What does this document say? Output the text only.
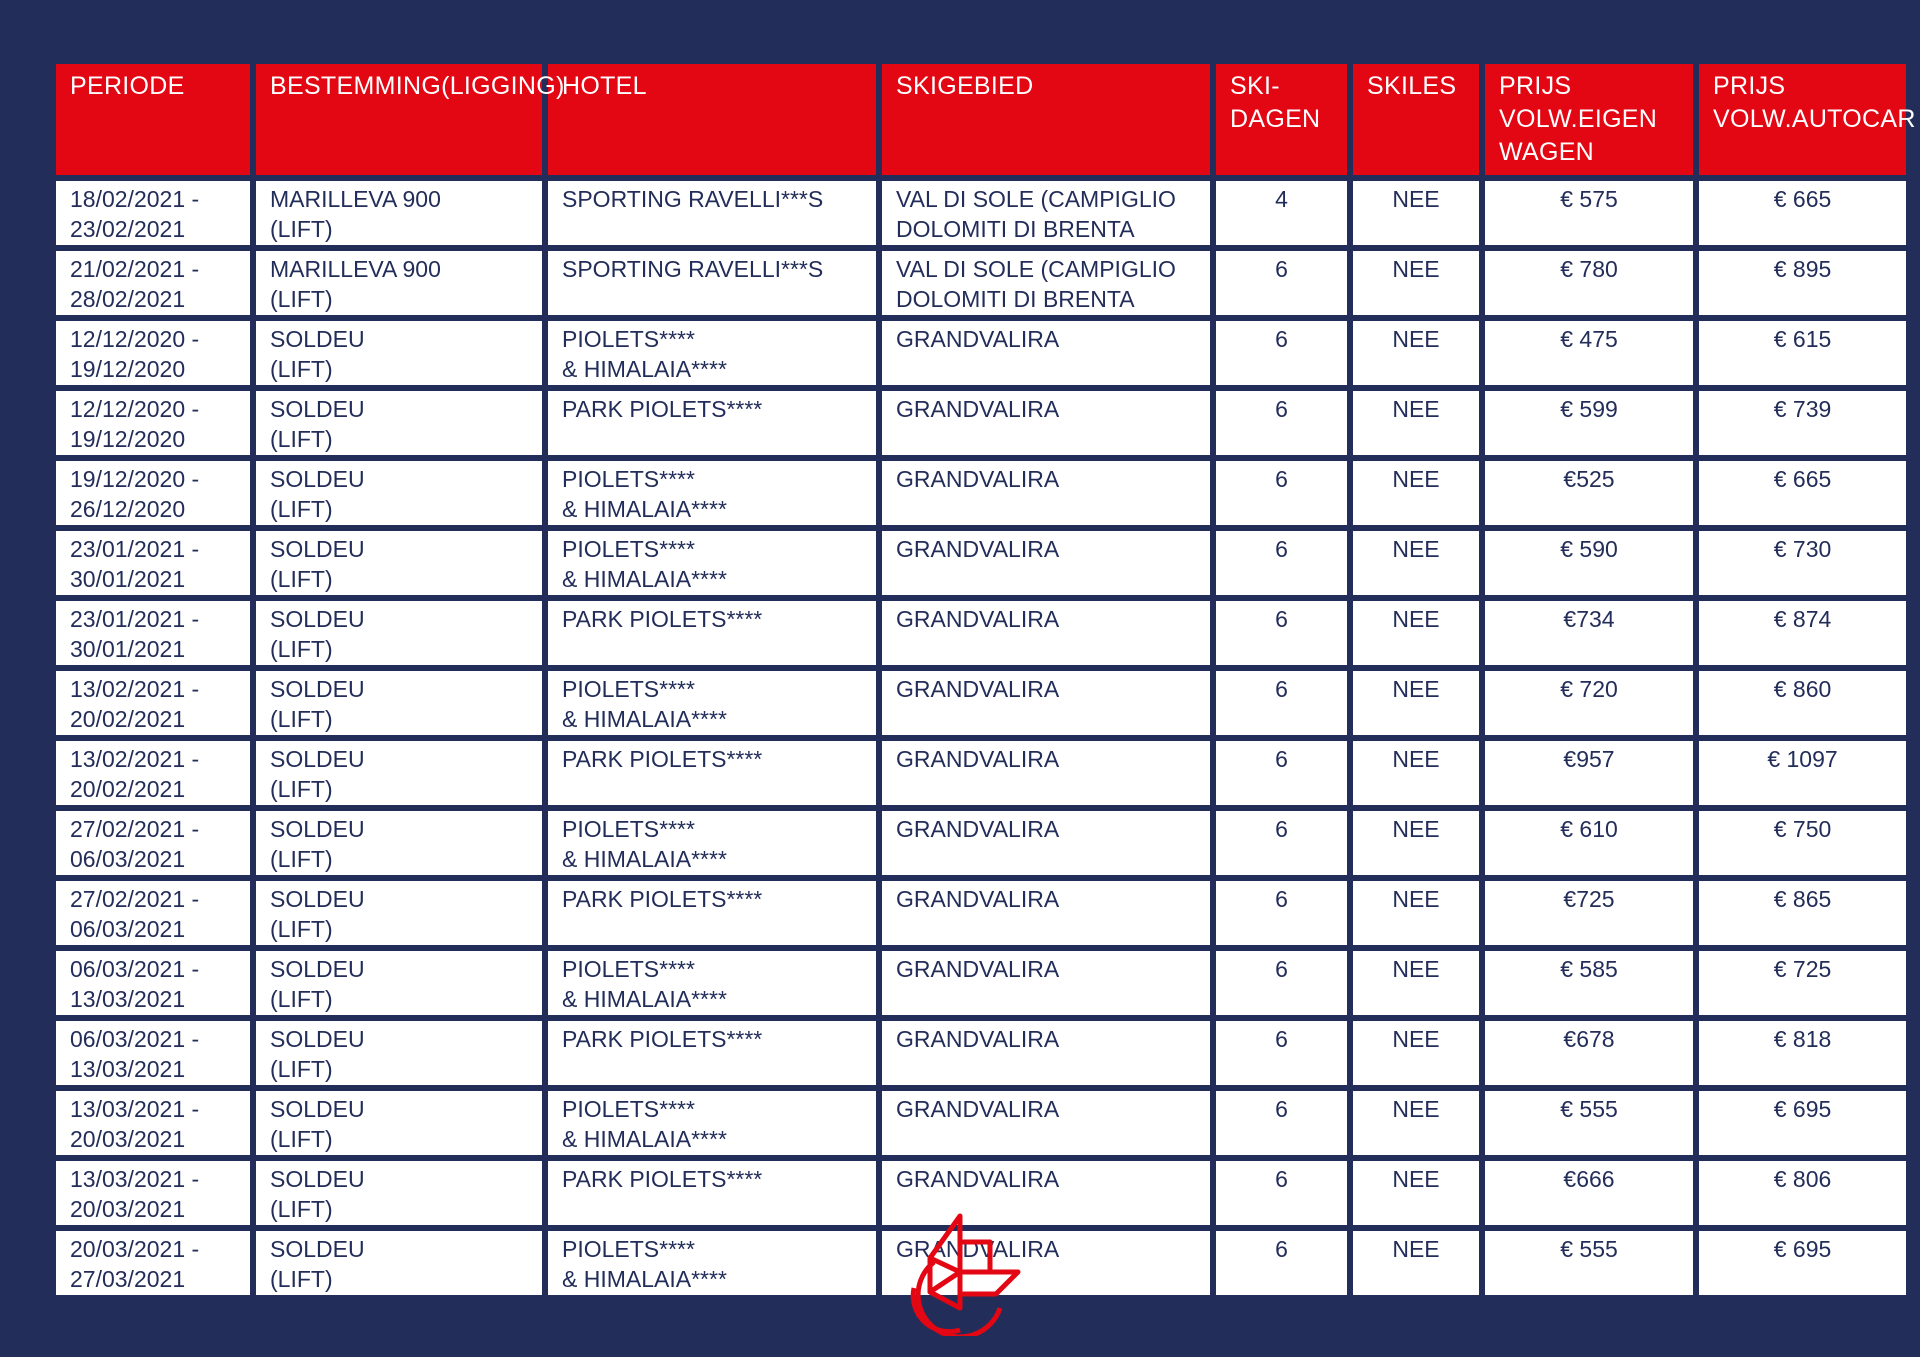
PERIODE	BESTEMMING(LIGGING)	HOTEL	SKIGEBIED	SKI-DAGEN	SKILES	PRIJS VOLW.EIGEN WAGEN	PRIJS VOLW.AUTOCAR

18/02/2021 -
23/02/2021	MARILLEVA 900
(LIFT)	SPORTING RAVELLI***S	VAL DI SOLE (CAMPIGLIO
DOLOMITI DI BRENTA	4	NEE	€ 575	€ 665

21/02/2021 -
28/02/2021	MARILLEVA 900
(LIFT)	SPORTING RAVELLI***S	VAL DI SOLE (CAMPIGLIO
DOLOMITI DI BRENTA	6	NEE	€ 780	€ 895

12/12/2020 -
19/12/2020	SOLDEU
(LIFT)	PIOLETS****
& HIMALAIA****	GRANDVALIRA	6	NEE	€ 475	€ 615

12/12/2020 -
19/12/2020	SOLDEU
(LIFT)	PARK PIOLETS****	GRANDVALIRA	6	NEE	€ 599	€ 739

19/12/2020 -
26/12/2020	SOLDEU
(LIFT)	PIOLETS****
& HIMALAIA****	GRANDVALIRA	6	NEE	€525	€ 665

23/01/2021 -
30/01/2021	SOLDEU
(LIFT)	PIOLETS****
& HIMALAIA****	GRANDVALIRA	6	NEE	€ 590	€ 730

23/01/2021 -
30/01/2021	SOLDEU
(LIFT)	PARK PIOLETS****	GRANDVALIRA	6	NEE	€734	€ 874

13/02/2021 -
20/02/2021	SOLDEU
(LIFT)	PIOLETS****
& HIMALAIA****	GRANDVALIRA	6	NEE	€ 720	€ 860

13/02/2021 -
20/02/2021	SOLDEU
(LIFT)	PARK PIOLETS****	GRANDVALIRA	6	NEE	€957	€ 1097

27/02/2021 -
06/03/2021	SOLDEU
(LIFT)	PIOLETS****
& HIMALAIA****	GRANDVALIRA	6	NEE	€ 610	€ 750

27/02/2021 -
06/03/2021	SOLDEU
(LIFT)	PARK PIOLETS****	GRANDVALIRA	6	NEE	€725	€ 865

06/03/2021 -
13/03/2021	SOLDEU
(LIFT)	PIOLETS****
& HIMALAIA****	GRANDVALIRA	6	NEE	€ 585	€ 725

06/03/2021 -
13/03/2021	SOLDEU
(LIFT)	PARK PIOLETS****	GRANDVALIRA	6	NEE	€678	€ 818

13/03/2021 -
20/03/2021	SOLDEU
(LIFT)	PIOLETS****
& HIMALAIA****	GRANDVALIRA	6	NEE	€ 555	€ 695

13/03/2021 -
20/03/2021	SOLDEU
(LIFT)	PARK PIOLETS****	GRANDVALIRA	6	NEE	€666	€ 806

20/03/2021 -
27/03/2021	SOLDEU
(LIFT)	PIOLETS****
& HIMALAIA****	GRANDVALIRA	6	NEE	€ 555	€ 695
